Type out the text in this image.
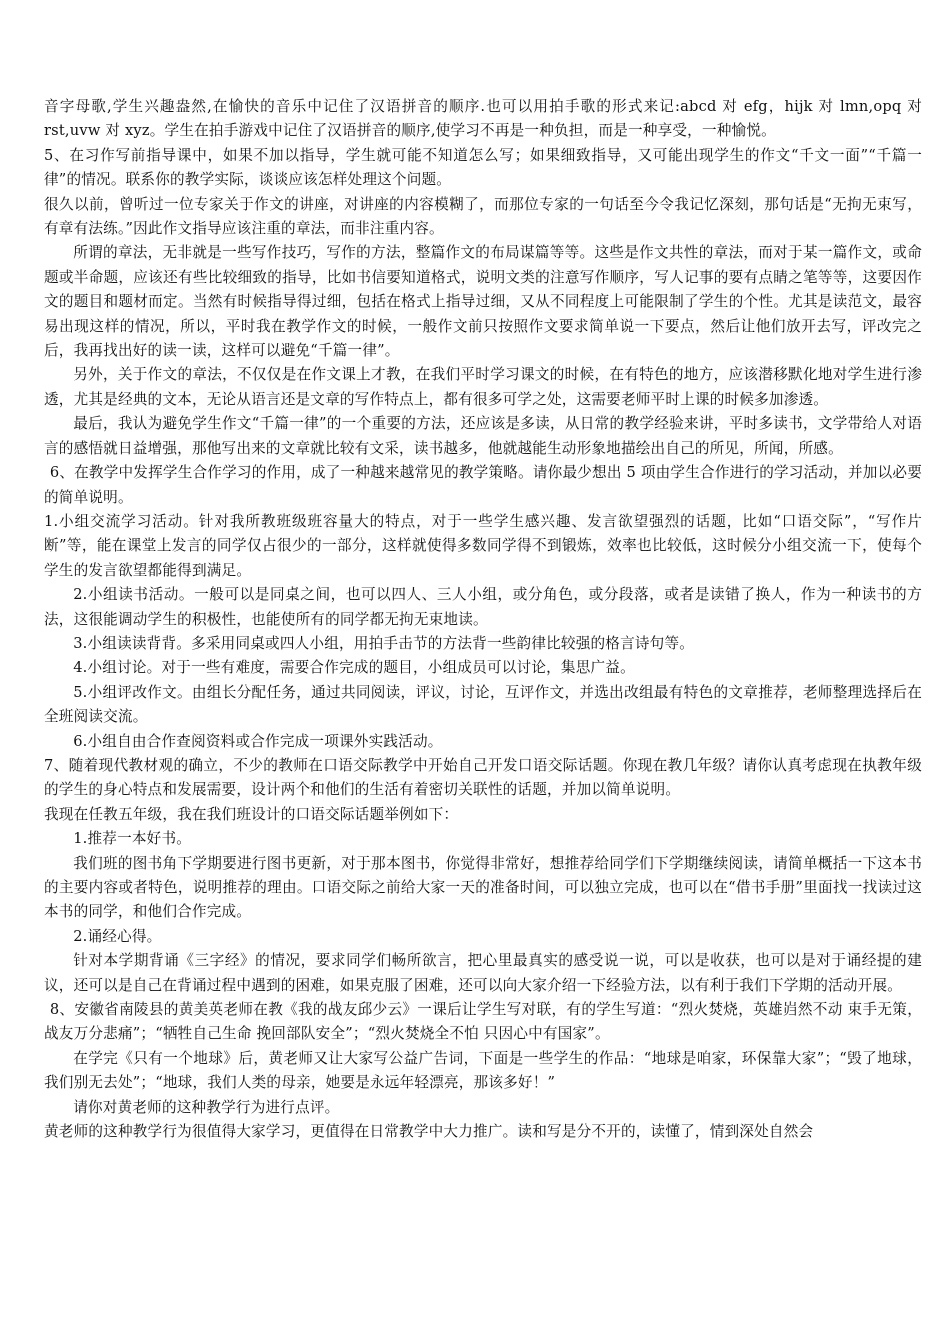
音字母歌,学生兴趣盎然,在愉快的音乐中记住了汉语拼音的顺序.也可以用拍手歌的形式来记:abcd 对 efg，hijk 对 lmn,opq 对 rst,uvw 对 xyz。学生在拍手游戏中记住了汉语拼音的顺序,使学习不再是一种负担，而是一种享受，一种愉悦。

5、在习作写前指导课中，如果不加以指导，学生就可能不知道怎么写；如果细致指导，又可能出现学生的作文“千文一面”“千篇一律”的情况。联系你的教学实际，谈谈应该怎样处理这个问题。

很久以前，曾听过一位专家关于作文的讲座，对讲座的内容模糊了，而那位专家的一句话至今令我记忆深刻，那句话是“无拘无束写，有章有法练。”因此作文指导应该注重的章法，而非注重内容。

所谓的章法，无非就是一些写作技巧，写作的方法，整篇作文的布局谋篇等等。这些是作文共性的章法，而对于某一篇作文，或命题或半命题，应该还有些比较细致的指导，比如书信要知道格式，说明文类的注意写作顺序，写人记事的要有点睛之笔等等，这要因作文的题目和题材而定。当然有时候指导得过细，包括在格式上指导过细，又从不同程度上可能限制了学生的个性。尤其是读范文，最容易出现这样的情况，所以，平时我在教学作文的时候，一般作文前只按照作文要求简单说一下要点，然后让他们放开去写，评改完之后，我再找出好的读一读，这样可以避免“千篇一律”。

另外，关于作文的章法，不仅仅是在作文课上才教，在我们平时学习课文的时候，在有特色的地方，应该潜移默化地对学生进行渗透，尤其是经典的文本，无论从语言还是文章的写作特点上，都有很多可学之处，这需要老师平时上课的时候多加渗透。

最后，我认为避免学生作文“千篇一律”的一个重要的方法，还应该是多读，从日常的教学经验来讲，平时多读书，文学带给人对语言的感悟就日益增强，那他写出来的文章就比较有文采，读书越多，他就越能生动形象地描绘出自己的所见，所闻，所感。

6、在教学中发挥学生合作学习的作用，成了一种越来越常见的教学策略。请你最少想出 5 项由学生合作进行的学习活动，并加以必要的简单说明。

1.小组交流学习活动。针对我所教班级班容量大的特点，对于一些学生感兴趣、发言欲望强烈的话题，比如“口语交际”，“写作片断”等，能在课堂上发言的同学仅占很少的一部分，这样就使得多数同学得不到锻炼，效率也比较低，这时候分小组交流一下，使每个学生的发言欲望都能得到满足。

2.小组读书活动。一般可以是同桌之间，也可以四人、三人小组，或分角色，或分段落，或者是读错了换人，作为一种读书的方法，这很能调动学生的积极性，也能使所有的同学都无拘无束地读。

3.小组读读背背。多采用同桌或四人小组，用拍手击节的方法背一些韵律比较强的格言诗句等。

4.小组讨论。对于一些有难度，需要合作完成的题目，小组成员可以讨论，集思广益。

5.小组评改作文。由组长分配任务，通过共同阅读，评议，讨论，互评作文，并选出改组最有特色的文章推荐，老师整理选择后在全班阅读交流。

6.小组自由合作查阅资料或合作完成一项课外实践活动。

7、随着现代教材观的确立，不少的教师在口语交际教学中开始自己开发口语交际话题。你现在教几年级？请你认真考虑现在执教年级的学生的身心特点和发展需要，设计两个和他们的生活有着密切关联性的话题，并加以简单说明。

我现在任教五年级，我在我们班设计的口语交际话题举例如下：

1.推荐一本好书。

我们班的图书角下学期要进行图书更新，对于那本图书，你觉得非常好，想推荐给同学们下学期继续阅读，请简单概括一下这本书的主要内容或者特色，说明推荐的理由。口语交际之前给大家一天的准备时间，可以独立完成，也可以在“借书手册”里面找一找读过这本书的同学，和他们合作完成。

2.诵经心得。

针对本学期背诵《三字经》的情况，要求同学们畅所欲言，把心里最真实的感受说一说，可以是收获，也可以是对于诵经提的建议，还可以是自己在背诵过程中遇到的困难，如果克服了困难，还可以向大家介绍一下经验方法，以有利于我们下学期的活动开展。

8、安徽省南陵县的黄美英老师在教《我的战友邱少云》一课后让学生写对联，有的学生写道：“烈火焚烧，英雄岿然不动 束手无策，战友万分悲痛”；“牺牲自己生命 挽回部队安全”；“烈火焚烧全不怕 只因心中有国家”。

在学完《只有一个地球》后，黄老师又让大家写公益广告词，下面是一些学生的作品：“地球是咱家，环保靠大家”；“毁了地球，我们别无去处”；“地球，我们人类的母亲，她要是永远年轻漂亮，那该多好！”

请你对黄老师的这种教学行为进行点评。

黄老师的这种教学行为很值得大家学习，更值得在日常教学中大力推广。读和写是分不开的，读懂了，情到深处自然会
